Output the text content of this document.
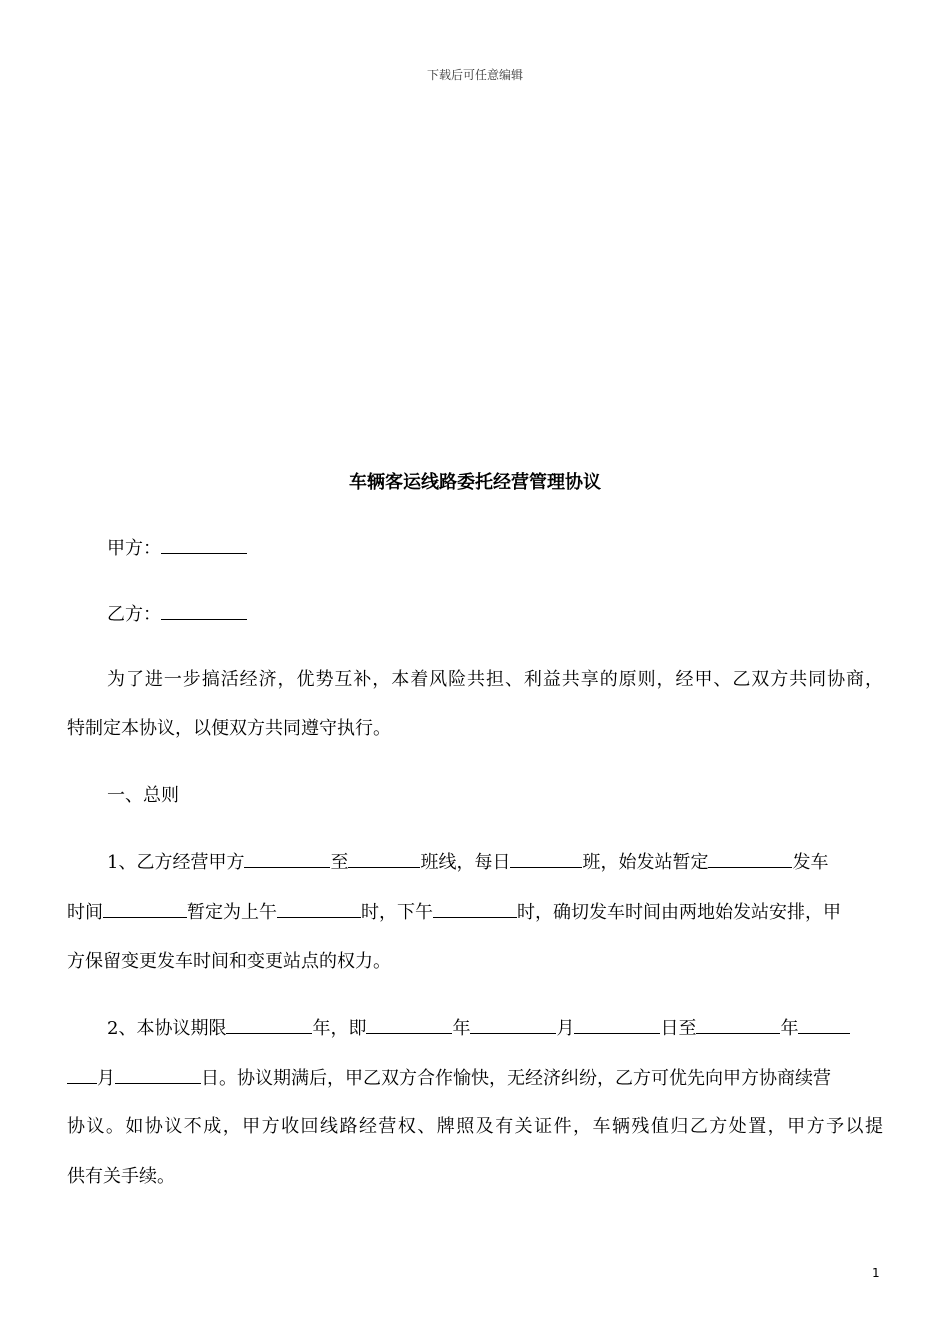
下载后可任意编辑
车辆客运线路委托经营管理协议
甲方：
乙方：
为了进一步搞活经济，优势互补，本着风险共担、利益共享的原则，经甲、乙双方共同协商，
特制定本协议，以便双方共同遵守执行。
一、总则
1、乙方经营甲方	至	班线，每日	班，始发站暂定	发车
时间	暂定为上午	时，下午	时，确切发车时间由两地始发站安排，甲
方保留变更发车时间和变更站点的权力。
2、本协议期限	年，即	年	月	日至	年
月	日。协议期满后，甲乙双方合作愉快，无经济纠纷，乙方可优先向甲方协商续营
协议。如协议不成，甲方收回线路经营权、牌照及有关证件，车辆残值归乙方处置，甲方予以提
供有关手续。
1
